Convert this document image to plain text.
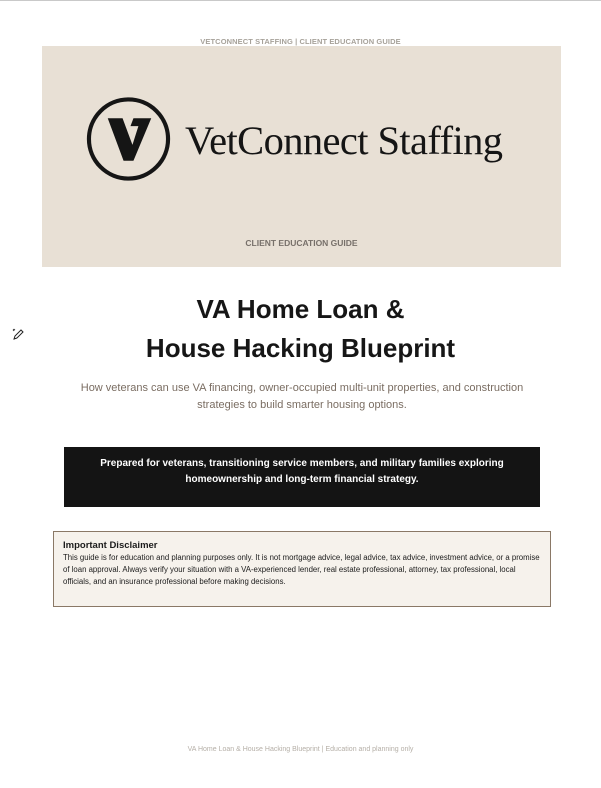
VETCONNECT STAFFING | CLIENT EDUCATION GUIDE
VetConnect Staffing
CLIENT EDUCATION GUIDE
VA Home Loan &
House Hacking Blueprint
How veterans can use VA financing, owner-occupied multi-unit properties, and construction strategies to build smarter housing options.
Prepared for veterans, transitioning service members, and military families exploring homeownership and long-term financial strategy.
Important Disclaimer
This guide is for education and planning purposes only. It is not mortgage advice, legal advice, tax advice, investment advice, or a promise of loan approval. Always verify your situation with a VA-experienced lender, real estate professional, attorney, tax professional, local officials, and an insurance professional before making decisions.
VA Home Loan & House Hacking Blueprint | Education and planning only
